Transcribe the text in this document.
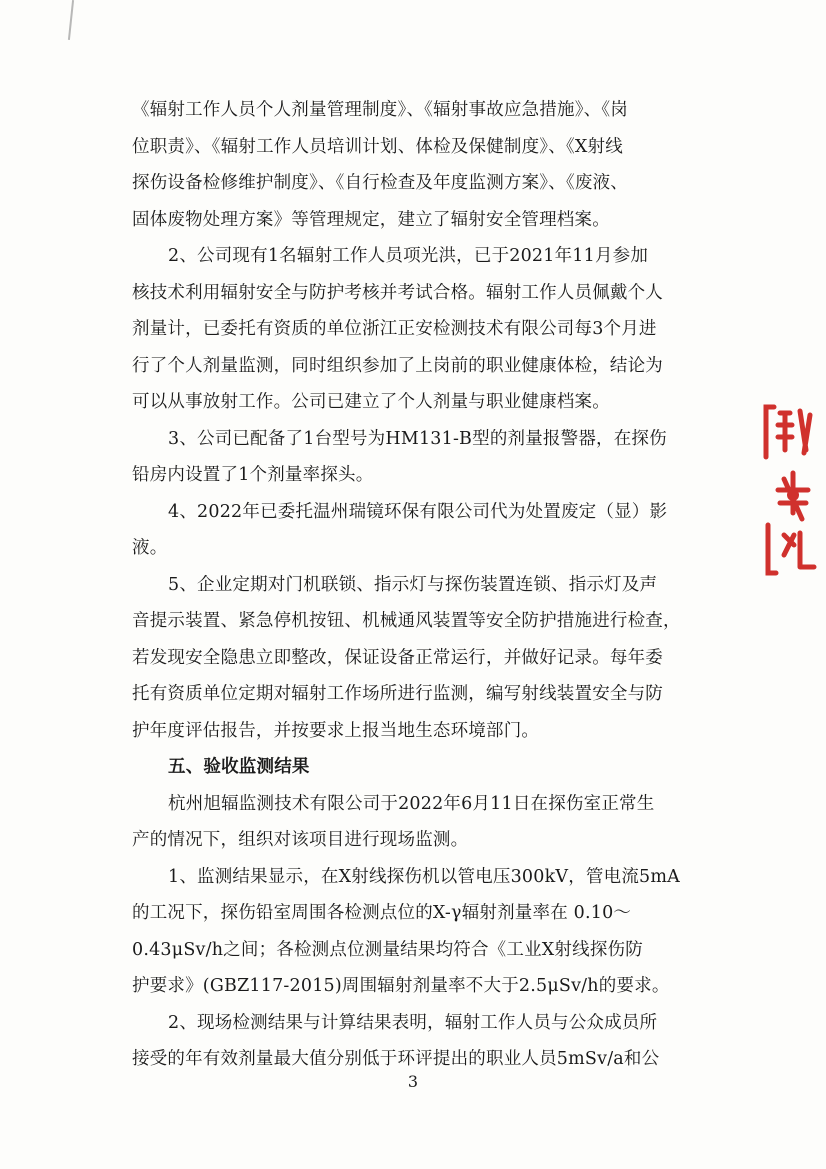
《辐射工作人员个人剂量管理制度》、《辐射事故应急措施》、《岗
位职责》、《辐射工作人员培训计划、体检及保健制度》、《X射线
探伤设备检修维护制度》、《自行检查及年度监测方案》、《废液、
固体废物处理方案》等管理规定，建立了辐射安全管理档案。
2、公司现有1名辐射工作人员项光洪，已于2021年11月参加
核技术利用辐射安全与防护考核并考试合格。辐射工作人员佩戴个人
剂量计，已委托有资质的单位浙江正安检测技术有限公司每3个月进
行了个人剂量监测，同时组织参加了上岗前的职业健康体检，结论为
可以从事放射工作。公司已建立了个人剂量与职业健康档案。
3、公司已配备了1台型号为HM131-B型的剂量报警器，在探伤
铅房内设置了1个剂量率探头。
4、2022年已委托温州瑞镜环保有限公司代为处置废定（显）影
液。
5、企业定期对门机联锁、指示灯与探伤装置连锁、指示灯及声
音提示装置、紧急停机按钮、机械通风装置等安全防护措施进行检查，
若发现安全隐患立即整改，保证设备正常运行，并做好记录。每年委
托有资质单位定期对辐射工作场所进行监测，编写射线装置安全与防
护年度评估报告，并按要求上报当地生态环境部门。
五、验收监测结果
杭州旭辐监测技术有限公司于2022年6月11日在探伤室正常生
产的情况下，组织对该项目进行现场监测。
1、监测结果显示，在X射线探伤机以管电压300kV，管电流5mA
的工况下，探伤铅室周围各检测点位的X-γ辐射剂量率在 0.10～
0.43μSv/h之间；各检测点位测量结果均符合《工业X射线探伤防
护要求》(GBZ117-2015)周围辐射剂量率不大于2.5μSv/h的要求。
2、现场检测结果与计算结果表明，辐射工作人员与公众成员所
接受的年有效剂量最大值分别低于环评提出的职业人员5mSv/a和公
3
